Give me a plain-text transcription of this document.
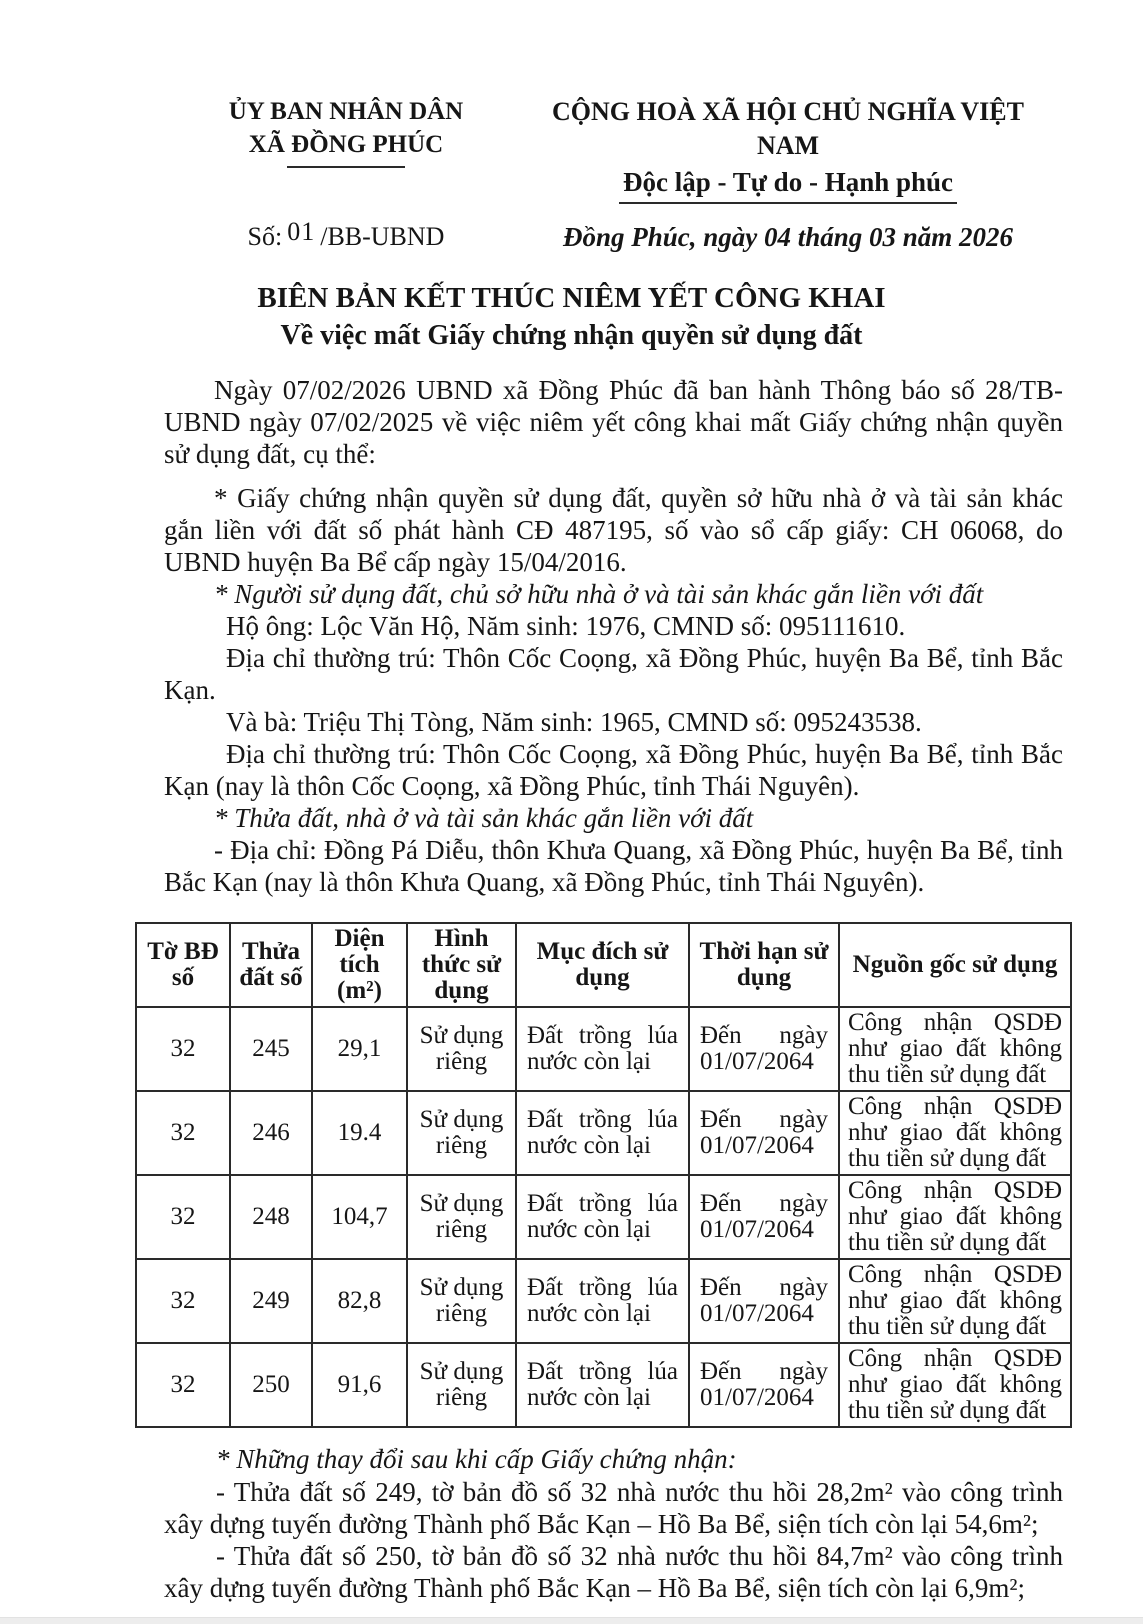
ỦY BAN NHÂN DÂN
XÃ ĐỒNG PHÚC
CỘNG HOÀ XÃ HỘI CHỦ NGHĨA VIỆT NAM
Độc lập - Tự do - Hạnh phúc
Số: 01 /BB-UBND	Đồng Phúc, ngày 04 tháng 03 năm 2026
BIÊN BẢN KẾT THÚC NIÊM YẾT CÔNG KHAI
Về việc mất Giấy chứng nhận quyền sử dụng đất

Ngày 07/02/2026 UBND xã Đồng Phúc đã ban hành Thông báo số 28/TB-UBND ngày 07/02/2025 về việc niêm yết công khai mất Giấy chứng nhận quyền sử dụng đất, cụ thể:

* Giấy chứng nhận quyền sử dụng đất, quyền sở hữu nhà ở và tài sản khác gắn liền với đất số phát hành CĐ 487195, số vào sổ cấp giấy: CH 06068, do UBND huyện Ba Bể cấp ngày 15/04/2016.

* Người sử dụng đất, chủ sở hữu nhà ở và tài sản khác gắn liền với đất

Hộ ông: Lộc Văn Hộ, Năm sinh: 1976, CMND số: 095111610.

Địa chỉ thường trú: Thôn Cốc Coọng, xã Đồng Phúc, huyện Ba Bể, tỉnh Bắc Kạn.

Và bà: Triệu Thị Tòng, Năm sinh: 1965, CMND số: 095243538.

Địa chỉ thường trú: Thôn Cốc Coọng, xã Đồng Phúc, huyện Ba Bể, tỉnh Bắc Kạn (nay là thôn Cốc Coọng, xã Đồng Phúc, tỉnh Thái Nguyên).

* Thửa đất, nhà ở và tài sản khác gắn liền với đất

- Địa chỉ: Đồng Pá Diễu, thôn Khưa Quang, xã Đồng Phúc, huyện Ba Bể, tỉnh Bắc Kạn (nay là thôn Khưa Quang, xã Đồng Phúc, tỉnh Thái Nguyên).

Tờ BĐ số	Thửa đất số	Diện tích (m²)	Hình thức sử dụng	Mục đích sử dụng	Thời hạn sử dụng	Nguồn gốc sử dụng
32	245	29,1	Sử dụng riêng	Đất trồng lúa nước còn lại	Đến ngày 01/07/2064	Công nhận QSDĐ như giao đất không thu tiền sử dụng đất
32	246	19.4	Sử dụng riêng	Đất trồng lúa nước còn lại	Đến ngày 01/07/2064	Công nhận QSDĐ như giao đất không thu tiền sử dụng đất
32	248	104,7	Sử dụng riêng	Đất trồng lúa nước còn lại	Đến ngày 01/07/2064	Công nhận QSDĐ như giao đất không thu tiền sử dụng đất
32	249	82,8	Sử dụng riêng	Đất trồng lúa nước còn lại	Đến ngày 01/07/2064	Công nhận QSDĐ như giao đất không thu tiền sử dụng đất
32	250	91,6	Sử dụng riêng	Đất trồng lúa nước còn lại	Đến ngày 01/07/2064	Công nhận QSDĐ như giao đất không thu tiền sử dụng đất

* Những thay đổi sau khi cấp Giấy chứng nhận:

- Thửa đất số 249, tờ bản đồ số 32 nhà nước thu hồi 28,2m² vào công trình xây dựng tuyến đường Thành phố Bắc Kạn – Hồ Ba Bể, siện tích còn lại 54,6m²;

- Thửa đất số 250, tờ bản đồ số 32 nhà nước thu hồi 84,7m² vào công trình xây dựng tuyến đường Thành phố Bắc Kạn – Hồ Ba Bể, siện tích còn lại 6,9m²;
